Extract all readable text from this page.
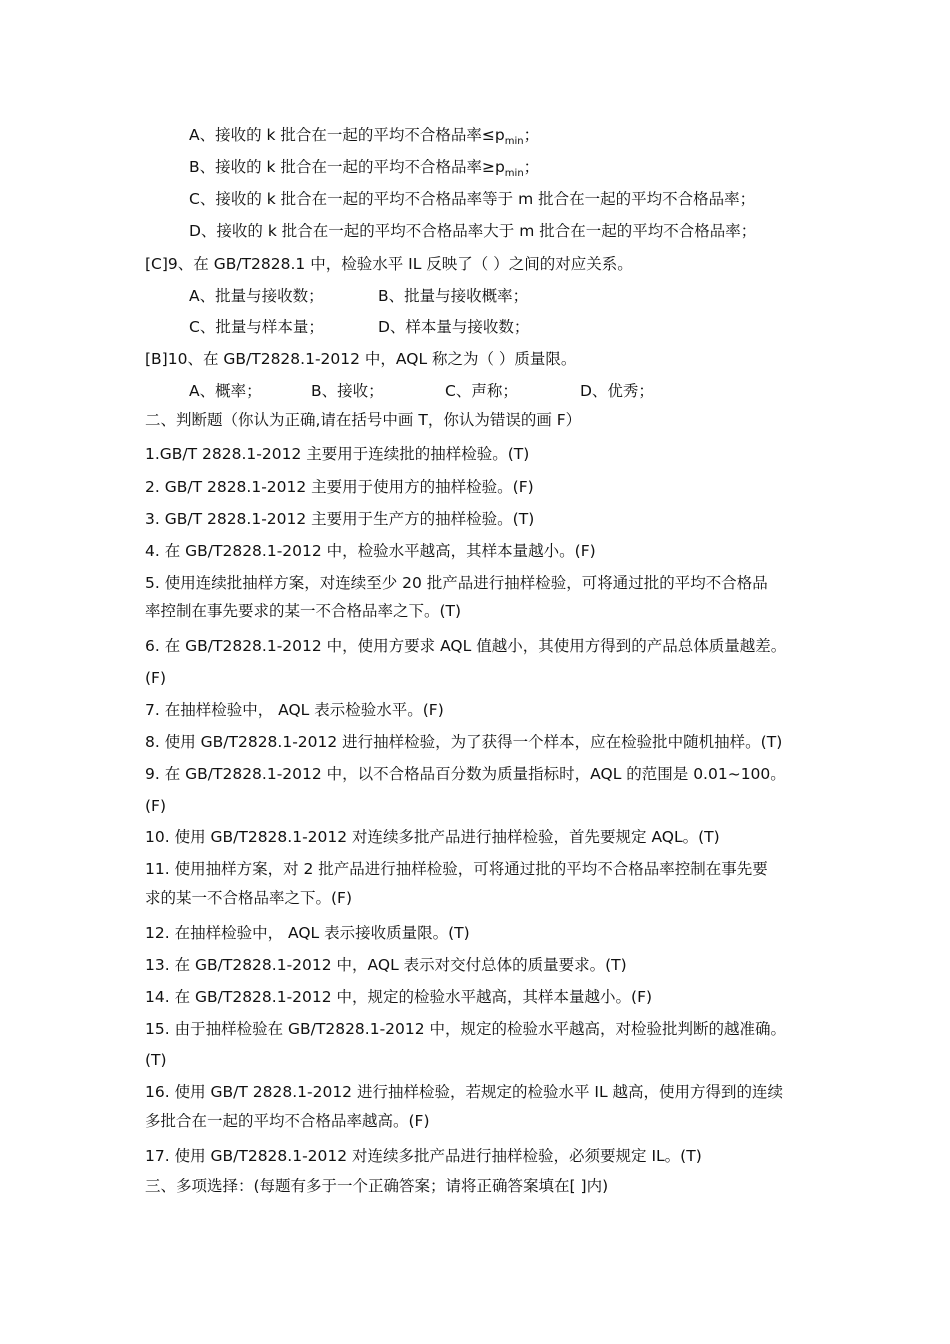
A、接收的 k 批合在一起的平均不合格品率$\le p_{min}$；
B、接收的 k 批合在一起的平均不合格品率$\ge p_{min}$；
C、接收的 k 批合在一起的平均不合格品率等于 m 批合在一起的平均不合格品率；
D、接收的 k 批合在一起的平均不合格品率大于 m 批合在一起的平均不合格品率；
[C]9、在 GB/T2828.1 中，检验水平 IL 反映了（ ）之间的对应关系。
A、批量与接收数；	B、批量与接收概率；
C、批量与样本量；	D、样本量与接收数；
[B]10、在 GB/T2828.1-2012 中，AQL 称之为（ ）质量限。
A、概率；	B、接收；	C、声称；	D、优秀；
二、判断题（你认为正确,请在括号中画 T，你认为错误的画 F）
1.GB/T 2828.1-2012 主要用于连续批的抽样检验。(T)
2. GB/T 2828.1-2012 主要用于使用方的抽样检验。(F)
3. GB/T 2828.1-2012 主要用于生产方的抽样检验。(T)
4. 在 GB/T2828.1-2012 中，检验水平越高，其样本量越小。(F)
5. 使用连续批抽样方案，对连续至少 20 批产品进行抽样检验，可将通过批的平均不合格品
率控制在事先要求的某一不合格品率之下。(T)
6. 在 GB/T2828.1-2012 中，使用方要求 AQL 值越小，其使用方得到的产品总体质量越差。
(F)
7. 在抽样检验中， AQL 表示检验水平。(F)
8. 使用 GB/T2828.1-2012 进行抽样检验，为了获得一个样本，应在检验批中随机抽样。(T)
9. 在 GB/T2828.1-2012 中，以不合格品百分数为质量指标时，AQL 的范围是 0.01~100。
(F)
10. 使用 GB/T2828.1-2012 对连续多批产品进行抽样检验，首先要规定 AQL。(T)
11. 使用抽样方案，对 2 批产品进行抽样检验，可将通过批的平均不合格品率控制在事先要
求的某一不合格品率之下。(F)
12. 在抽样检验中， AQL 表示接收质量限。(T)
13. 在 GB/T2828.1-2012 中，AQL 表示对交付总体的质量要求。(T)
14. 在 GB/T2828.1-2012 中，规定的检验水平越高，其样本量越小。(F)
15. 由于抽样检验在 GB/T2828.1-2012 中，规定的检验水平越高，对检验批判断的越准确。
(T)
16. 使用 GB/T 2828.1-2012 进行抽样检验，若规定的检验水平 IL 越高，使用方得到的连续
多批合在一起的平均不合格品率越高。(F)
17. 使用 GB/T2828.1-2012 对连续多批产品进行抽样检验，必须要规定 IL。(T)
三、多项选择：(每题有多于一个正确答案；请将正确答案填在[ ]内)
